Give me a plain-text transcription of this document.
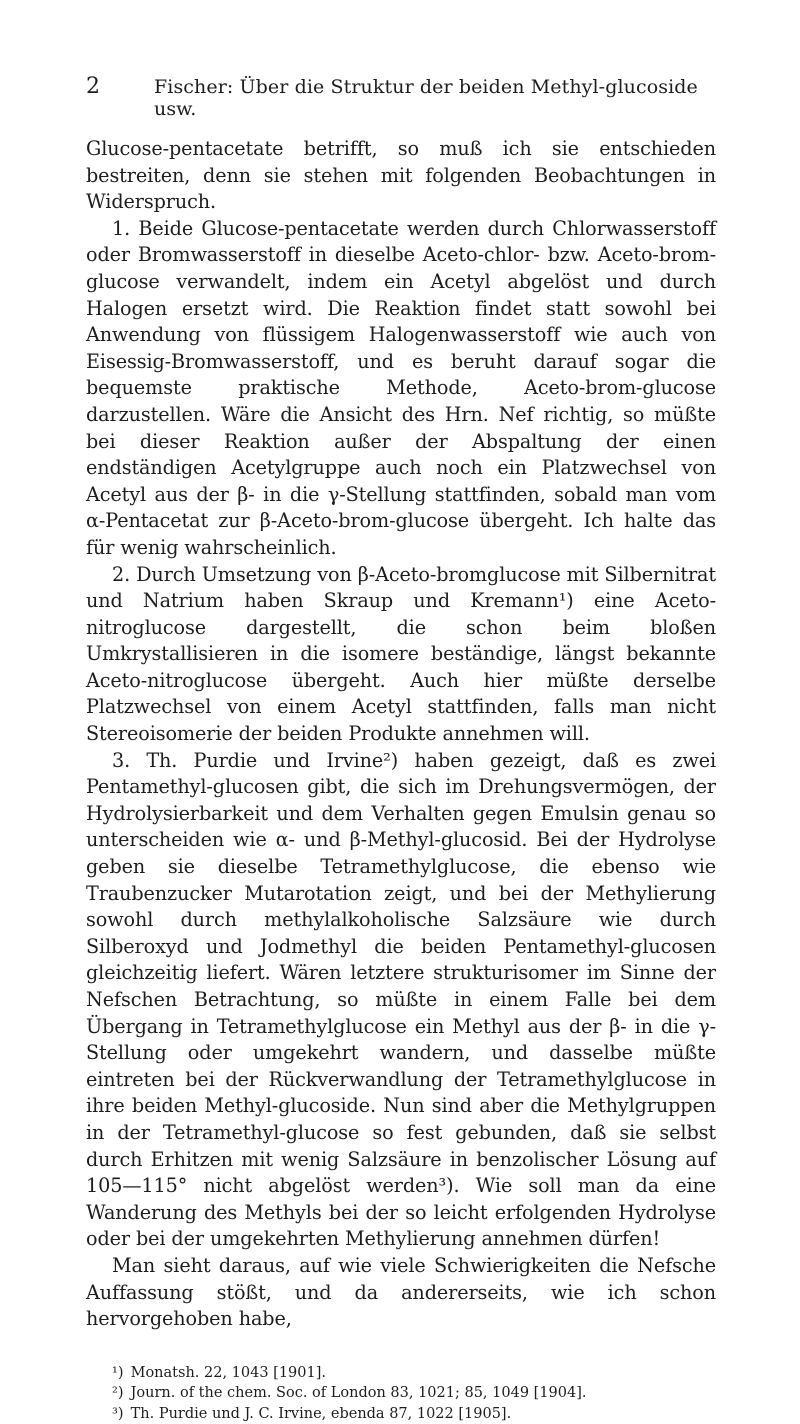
2	Fischer: Über die Struktur der beiden Methyl-glucoside usw.

Glucose-pentacetate betrifft, so muß ich sie entschieden bestreiten, denn sie stehen mit folgenden Beobachtungen in Widerspruch.

1. Beide Glucose-pentacetate werden durch Chlorwasserstoff oder Bromwasserstoff in dieselbe Aceto-chlor- bzw. Aceto-brom-glucose verwandelt, indem ein Acetyl abgelöst und durch Halogen ersetzt wird. Die Reaktion findet statt sowohl bei Anwendung von flüssigem Halogenwasserstoff wie auch von Eisessig-Bromwasserstoff, und es beruht darauf sogar die bequemste praktische Methode, Aceto-brom-glucose darzustellen. Wäre die Ansicht des Hrn. Nef richtig, so müßte bei dieser Reaktion außer der Abspaltung der einen endständigen Acetylgruppe auch noch ein Platzwechsel von Acetyl aus der β- in die γ-Stellung stattfinden, sobald man vom α-Pentacetat zur β-Aceto-brom-glucose übergeht. Ich halte das für wenig wahrscheinlich.

2. Durch Umsetzung von β-Aceto-bromglucose mit Silbernitrat und Natrium haben Skraup und Kremann¹) eine Aceto-nitroglucose dargestellt, die schon beim bloßen Umkrystallisieren in die isomere beständige, längst bekannte Aceto-nitroglucose übergeht. Auch hier müßte derselbe Platzwechsel von einem Acetyl stattfinden, falls man nicht Stereoisomerie der beiden Produkte annehmen will.

3. Th. Purdie und Irvine²) haben gezeigt, daß es zwei Pentamethyl-glucosen gibt, die sich im Drehungsvermögen, der Hydrolysierbarkeit und dem Verhalten gegen Emulsin genau so unterscheiden wie α- und β-Methyl-glucosid. Bei der Hydrolyse geben sie dieselbe Tetramethylglucose, die ebenso wie Traubenzucker Mutarotation zeigt, und bei der Methylierung sowohl durch methylalkoholische Salzsäure wie durch Silberoxyd und Jodmethyl die beiden Pentamethyl-glucosen gleichzeitig liefert. Wären letztere strukturisomer im Sinne der Nefschen Betrachtung, so müßte in einem Falle bei dem Übergang in Tetramethylglucose ein Methyl aus der β- in die γ-Stellung oder umgekehrt wandern, und dasselbe müßte eintreten bei der Rückverwandlung der Tetramethylglucose in ihre beiden Methyl-glucoside. Nun sind aber die Methylgruppen in der Tetramethyl-glucose so fest gebunden, daß sie selbst durch Erhitzen mit wenig Salzsäure in benzolischer Lösung auf 105—115° nicht abgelöst werden³). Wie soll man da eine Wanderung des Methyls bei der so leicht erfolgenden Hydrolyse oder bei der umgekehrten Methylierung annehmen dürfen!

Man sieht daraus, auf wie viele Schwierigkeiten die Nefsche Auffassung stößt, und da andererseits, wie ich schon hervorgehoben habe,

¹) Monatsh. 22, 1043 [1901].
²) Journ. of the chem. Soc. of London 83, 1021; 85, 1049 [1904].
³) Th. Purdie und J. C. Irvine, ebenda 87, 1022 [1905].
